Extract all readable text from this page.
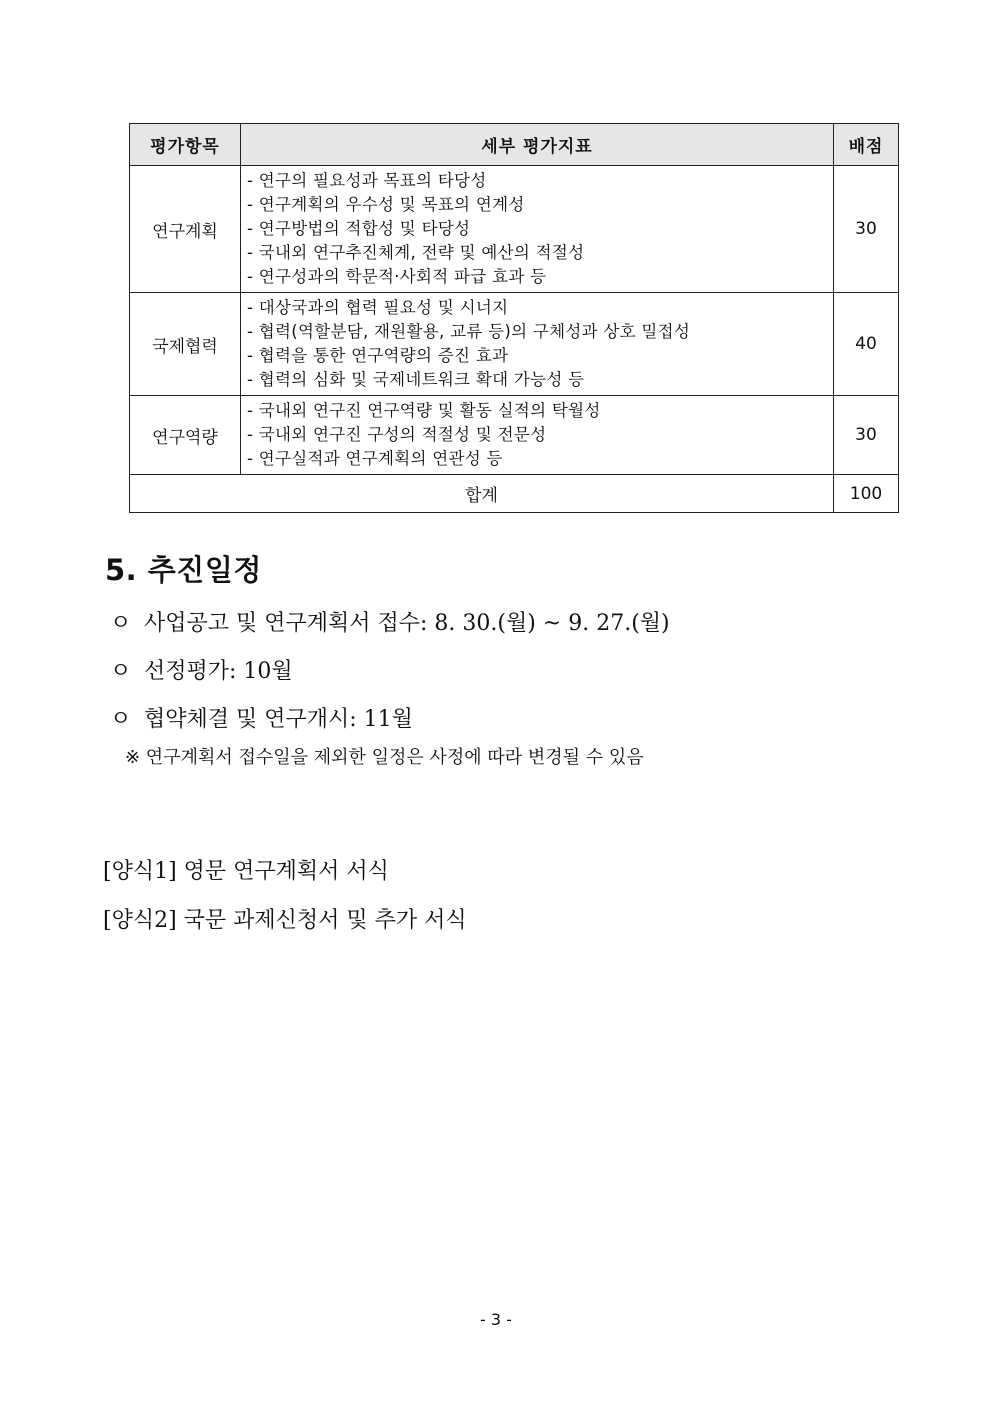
평가항목	세부 평가지표	배점
연구계획	- 연구의 필요성과 목표의 타당성
- 연구계획의 우수성 및 목표의 연계성
- 연구방법의 적합성 및 타당성
- 국내외 연구추진체계, 전략 및 예산의 적절성
- 연구성과의 학문적·사회적 파급 효과 등	30
국제협력	- 대상국과의 협력 필요성 및 시너지
- 협력(역할분담, 재원활용, 교류 등)의 구체성과 상호 밀접성
- 협력을 통한 연구역량의 증진 효과
- 협력의 심화 및 국제네트워크 확대 가능성 등	40
연구역량	- 국내외 연구진 연구역량 및 활동 실적의 탁월성
- 국내외 연구진 구성의 적절성 및 전문성
- 연구실적과 연구계획의 연관성 등	30
합계		100
5. 추진일정
ㅇ 사업공고 및 연구계획서 접수: 8. 30.(월) ~ 9. 27.(월)
ㅇ 선정평가: 10월
ㅇ 협약체결 및 연구개시: 11월
※ 연구계획서 접수일을 제외한 일정은 사정에 따라 변경될 수 있음
[양식1] 영문 연구계획서 서식
[양식2] 국문 과제신청서 및 추가 서식
- 3 -
